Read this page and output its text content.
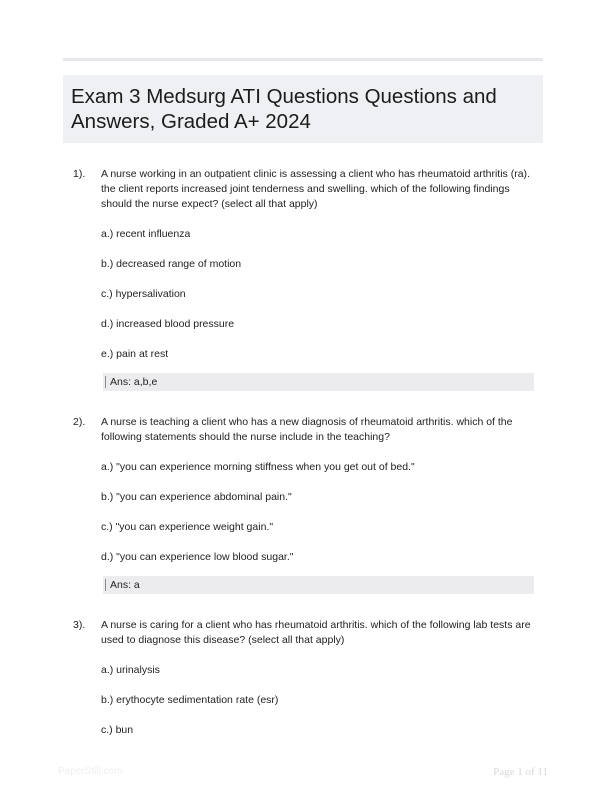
Exam 3 Medsurg ATI Questions Questions and Answers, Graded A+ 2024
1). A nurse working in an outpatient clinic is assessing a client who has rheumatoid arthritis (ra). the client reports increased joint tenderness and swelling. which of the following findings should the nurse expect? (select all that apply)
a.) recent influenza
b.) decreased range of motion
c.) hypersalivation
d.) increased blood pressure
e.) pain at rest
Ans: a,b,e
2). A nurse is teaching a client who has a new diagnosis of rheumatoid arthritis. which of the following statements should the nurse include in the teaching?
a.) "you can experience morning stiffness when you get out of bed."
b.) "you can experience abdominal pain."
c.) "you can experience weight gain."
d.) "you can experience low blood sugar."
Ans: a
3). A nurse is caring for a client who has rheumatoid arthritis. which of the following lab tests are used to diagnose this disease? (select all that apply)
a.) urinalysis
b.) erythocyte sedimentation rate (esr)
c.) bun
PaperStill.com	Page 1 of 11
